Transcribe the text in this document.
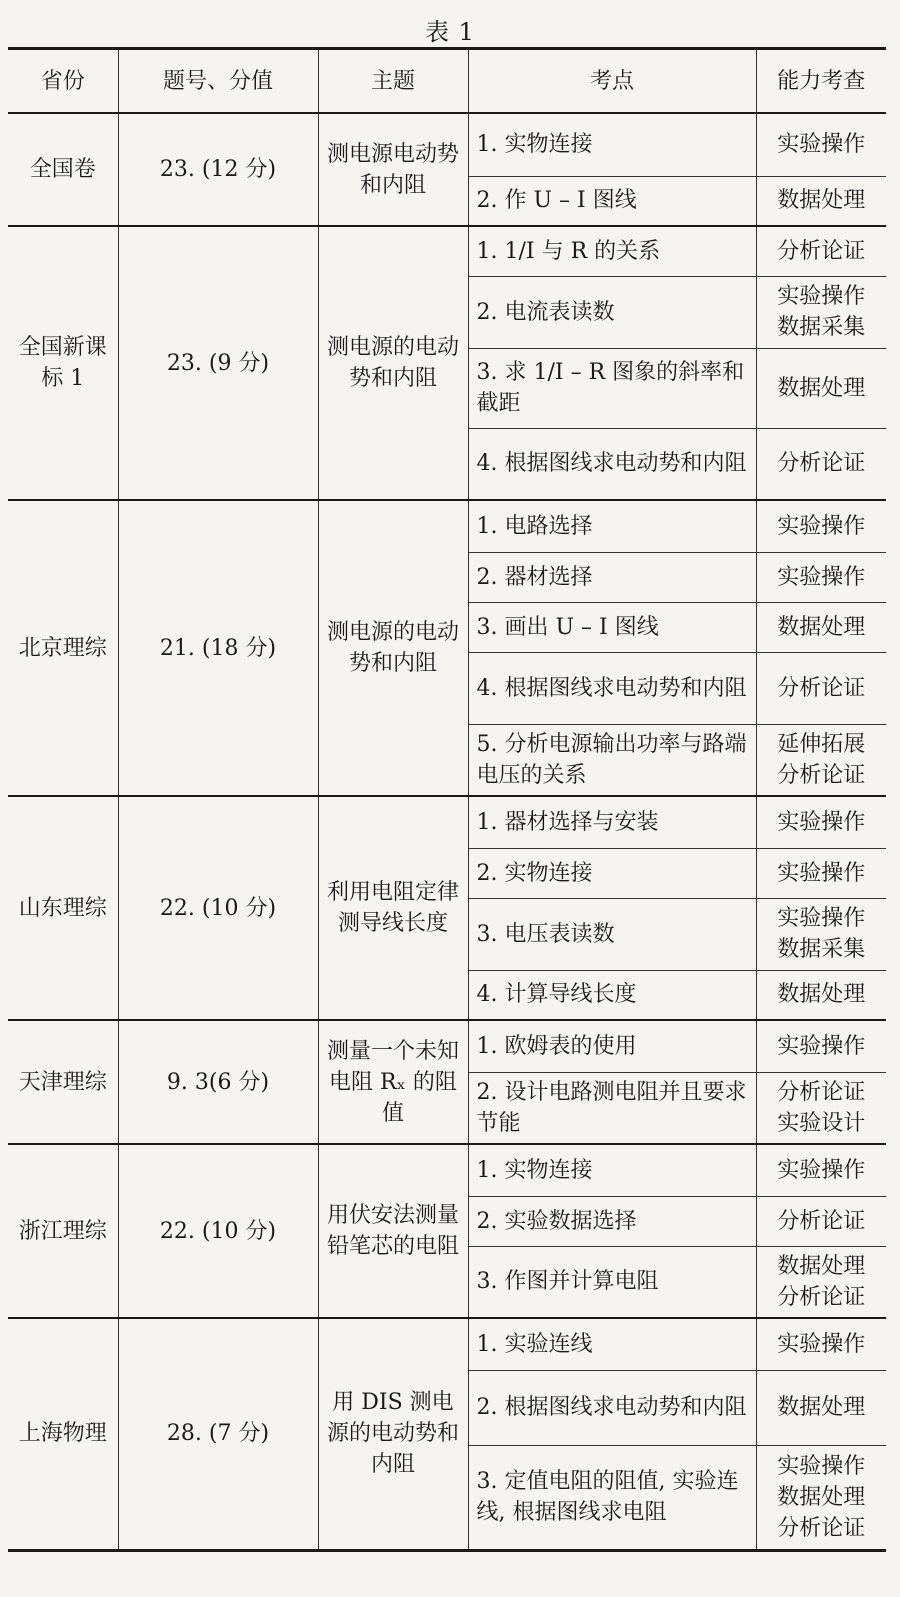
表 1
省份	题号、分值	主题	考点	能力考查
全国卷	23. (12 分)	测电源电动势和内阻	1. 实物连接	实验操作
			2. 作 U – I 图线	数据处理
全国新课标 1	23. (9 分)	测电源的电动势和内阻	1. 1/I 与 R 的关系	分析论证
			2. 电流表读数	实验操作 数据采集
			3. 求 1/I – R 图象的斜率和截距	数据处理
			4. 根据图线求电动势和内阻	分析论证
北京理综	21. (18 分)	测电源的电动势和内阻	1. 电路选择	实验操作
			2. 器材选择	实验操作
			3. 画出 U – I 图线	数据处理
			4. 根据图线求电动势和内阻	分析论证
			5. 分析电源输出功率与路端电压的关系	延伸拓展 分析论证
山东理综	22. (10 分)	利用电阻定律测导线长度	1. 器材选择与安装	实验操作
			2. 实物连接	实验操作
			3. 电压表读数	实验操作 数据采集
			4. 计算导线长度	数据处理
天津理综	9. 3(6 分)	测量一个未知电阻 Rₓ 的阻值	1. 欧姆表的使用	实验操作
			2. 设计电路测电阻并且要求节能	分析论证 实验设计
浙江理综	22. (10 分)	用伏安法测量铅笔芯的电阻	1. 实物连接	实验操作
			2. 实验数据选择	分析论证
			3. 作图并计算电阻	数据处理 分析论证
上海物理	28. (7 分)	用 DIS 测电源的电动势和内阻	1. 实验连线	实验操作
			2. 根据图线求电动势和内阻	数据处理
			3. 定值电阻的阻值, 实验连线, 根据图线求电阻	实验操作 数据处理 分析论证
